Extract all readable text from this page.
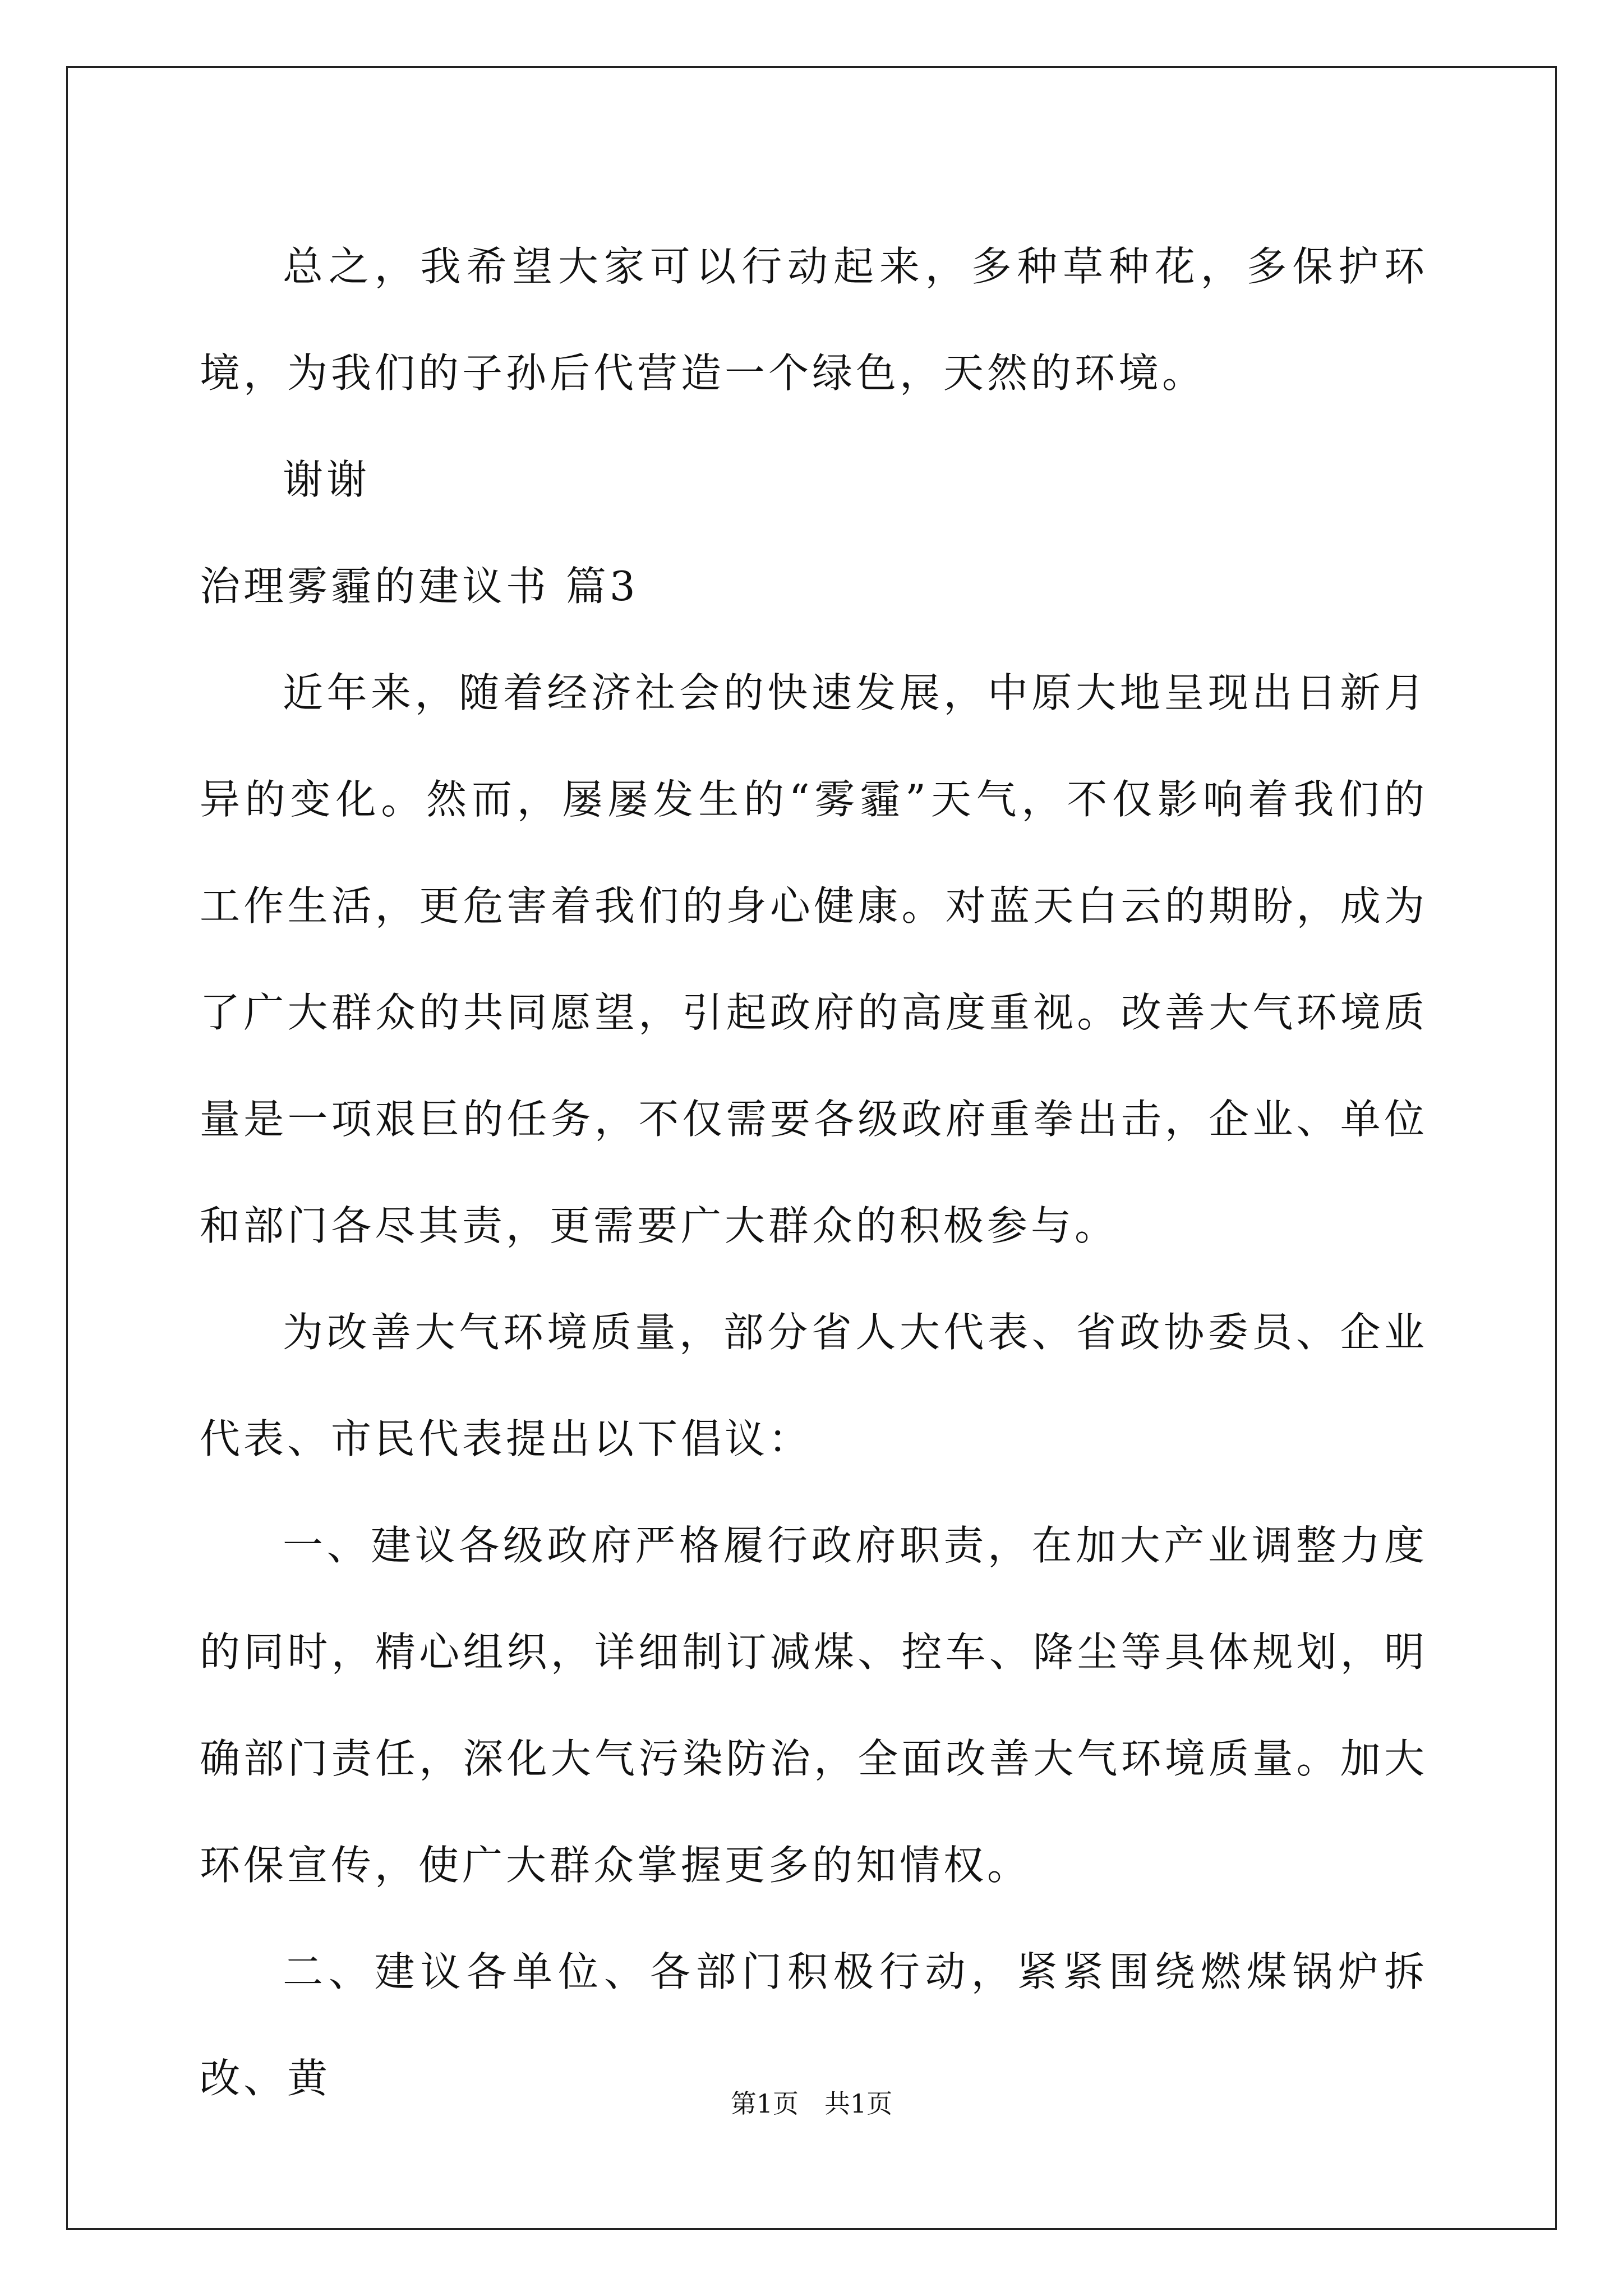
总之，我希望大家可以行动起来，多种草种花，多保护环境，为我们的子孙后代营造一个绿色，天然的环境。

谢谢

治理雾霾的建议书 篇3

近年来，随着经济社会的快速发展，中原大地呈现出日新月异的变化。然而，屡屡发生的“雾霾”天气，不仅影响着我们的工作生活，更危害着我们的身心健康。对蓝天白云的期盼，成为了广大群众的共同愿望，引起政府的高度重视。改善大气环境质量是一项艰巨的任务，不仅需要各级政府重拳出击，企业、单位和部门各尽其责，更需要广大群众的积极参与。

为改善大气环境质量，部分省人大代表、省政协委员、企业代表、市民代表提出以下倡议：

一、建议各级政府严格履行政府职责，在加大产业调整力度的同时，精心组织，详细制订减煤、控车、降尘等具体规划，明确部门责任，深化大气污染防治，全面改善大气环境质量。加大环保宣传，使广大群众掌握更多的知情权。

二、建议各单位、各部门积极行动，紧紧围绕燃煤锅炉拆改、黄

第1页　共1页
